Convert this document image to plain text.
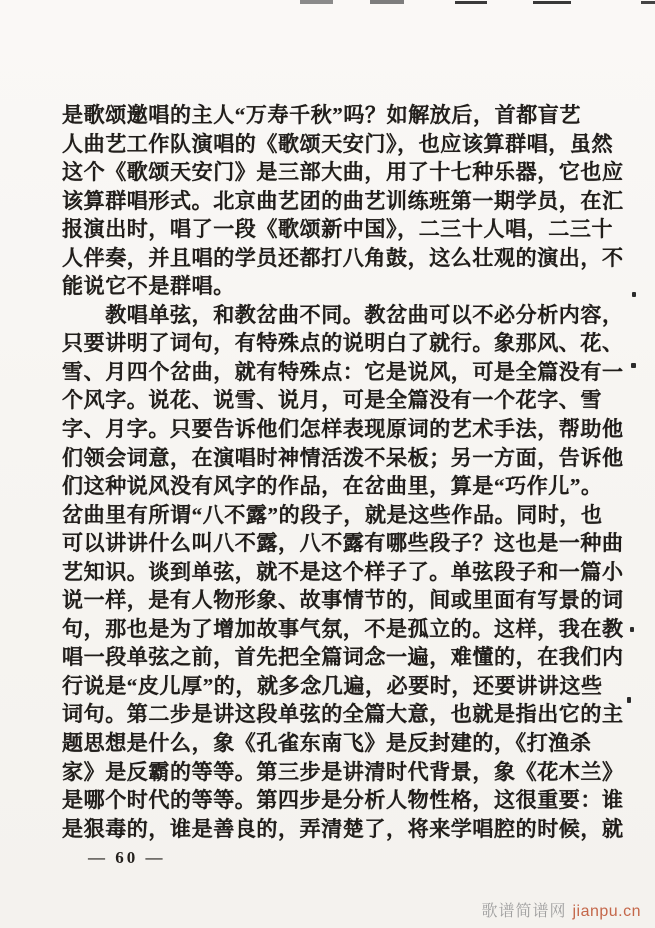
是歌颂邀唱的主人“万寿千秋”吗？如解放后，首都盲艺
人曲艺工作队演唱的《歌颂天安门》，也应该算群唱，虽然
这个《歌颂天安门》是三部大曲，用了十七种乐器，它也应
该算群唱形式。北京曲艺团的曲艺训练班第一期学员，在汇
报演出时，唱了一段《歌颂新中国》，二三十人唱，二三十
人伴奏，并且唱的学员还都打八角鼓，这么壮观的演出，不
能说它不是群唱。
　　教唱单弦，和教岔曲不同。教岔曲可以不必分析内容，
只要讲明了词句，有特殊点的说明白了就行。象那风、花、
雪、月四个岔曲，就有特殊点：它是说风，可是全篇没有一
个风字。说花、说雪、说月，可是全篇没有一个花字、雪
字、月字。只要告诉他们怎样表现原词的艺术手法，帮助他
们领会词意，在演唱时神情活泼不呆板；另一方面，告诉他
们这种说风没有风字的作品，在岔曲里，算是“巧作儿”。
岔曲里有所谓“八不露”的段子，就是这些作品。同时，也
可以讲讲什么叫八不露，八不露有哪些段子？这也是一种曲
艺知识。谈到单弦，就不是这个样子了。单弦段子和一篇小
说一样，是有人物形象、故事情节的，间或里面有写景的词
句，那也是为了增加故事气氛，不是孤立的。这样，我在教
唱一段单弦之前，首先把全篇词念一遍，难懂的，在我们内
行说是“皮儿厚”的，就多念几遍，必要时，还要讲讲这些
词句。第二步是讲这段单弦的全篇大意，也就是指出它的主
题思想是什么，象《孔雀东南飞》是反封建的，《打渔杀
家》是反霸的等等。第三步是讲清时代背景，象《花木兰》
是哪个时代的等等。第四步是分析人物性格，这很重要：谁
是狠毒的，谁是善良的，弄清楚了，将来学唱腔的时候，就
— 60 —
歌谱简谱网 jianpu.cn
